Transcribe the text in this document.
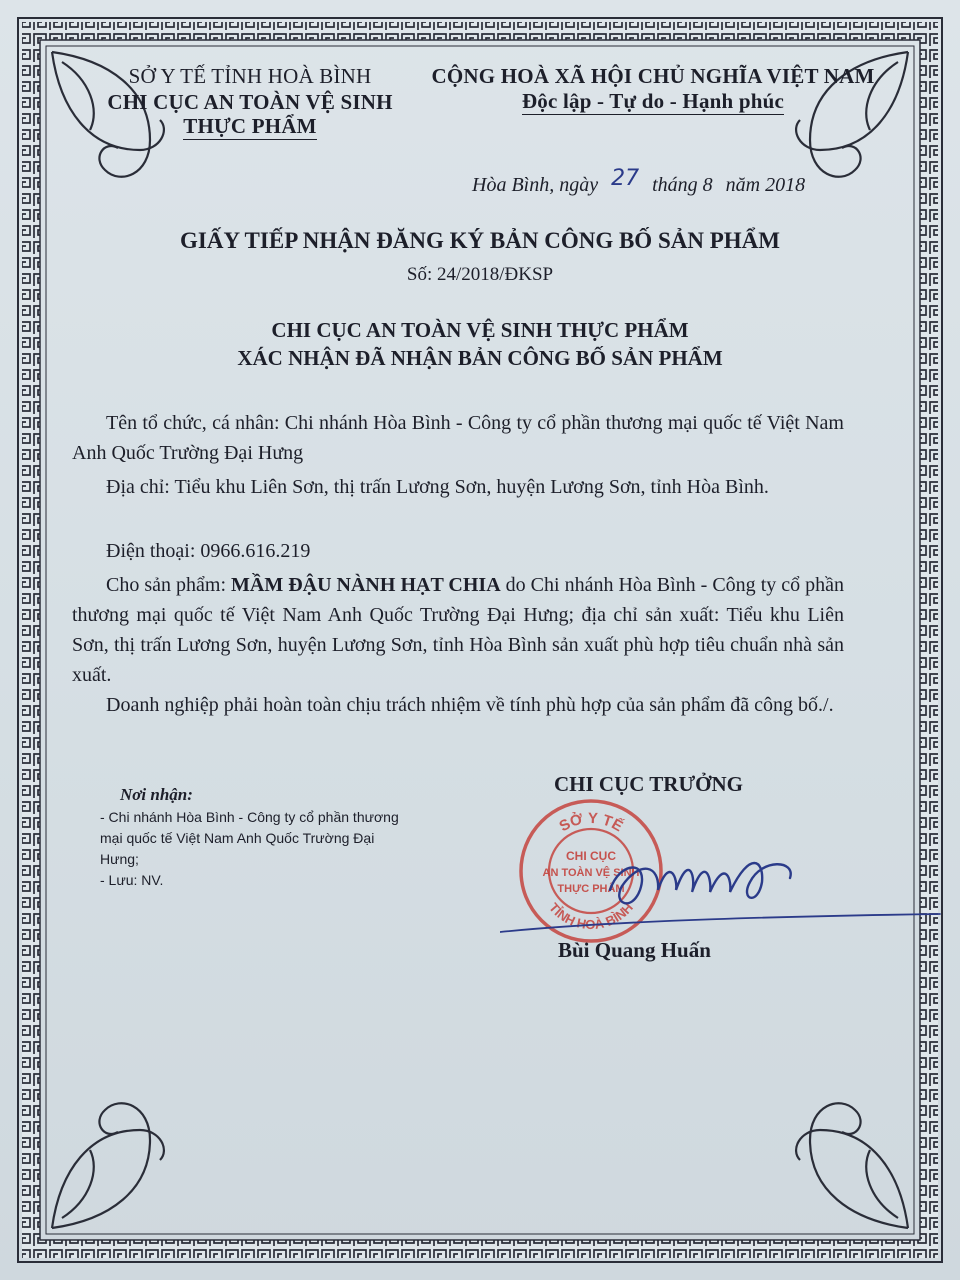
SỞ Y TẾ TỈNH HOÀ BÌNH
CHI CỤC AN TOÀN VỆ SINH
THỰC PHẨM
CỘNG HOÀ XÃ HỘI CHỦ NGHĨA VIỆT NAM
Độc lập - Tự do - Hạnh phúc
Hòa Bình, ngày 27 tháng 8 năm 2018
GIẤY TIẾP NHẬN ĐĂNG KÝ BẢN CÔNG BỐ SẢN PHẨM
Số: 24/2018/ĐKSP
CHI CỤC AN TOÀN VỆ SINH THỰC PHẨM
XÁC NHẬN ĐÃ NHẬN BẢN CÔNG BỐ SẢN PHẨM
Tên tổ chức, cá nhân: Chi nhánh Hòa Bình - Công ty cổ phần thương mại quốc tế Việt Nam Anh Quốc Trường Đại Hưng
Địa chỉ: Tiểu khu Liên Sơn, thị trấn Lương Sơn, huyện Lương Sơn, tỉnh Hòa Bình.
Điện thoại: 0966.616.219
Cho sản phẩm: MẦM ĐẬU NÀNH HẠT CHIA do Chi nhánh Hòa Bình - Công ty cổ phần thương mại quốc tế Việt Nam Anh Quốc Trường Đại Hưng; địa chỉ sản xuất: Tiểu khu Liên Sơn, thị trấn Lương Sơn, huyện Lương Sơn, tỉnh Hòa Bình sản xuất phù hợp tiêu chuẩn nhà sản xuất.
Doanh nghiệp phải hoàn toàn chịu trách nhiệm về tính phù hợp của sản phẩm đã công bố./.
Nơi nhận:
- Chi nhánh Hòa Bình - Công ty cổ phần thương mại quốc tế Việt Nam Anh Quốc Trường Đại Hưng;
- Lưu: NV.
CHI CỤC TRƯỞNG
SỞ Y TẾ
TỈNH HOÀ BÌNH
CHI CỤC
AN TOÀN VỆ SINH
THỰC PHẨM
Bùi Quang Huấn
